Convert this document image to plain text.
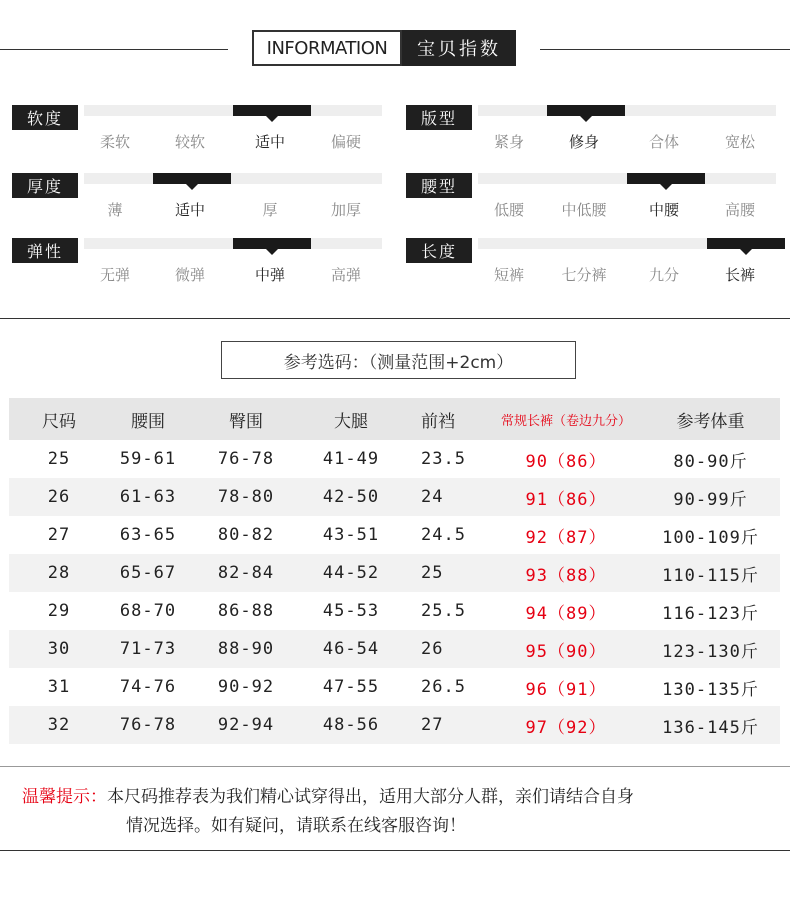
INFORMATION	宝贝指数
软度
柔软	较软	适中	偏硬
版型
紧身	修身	合体	宽松
厚度
薄	适中	厚	加厚
腰型
低腰	中低腰	中腰	高腰
弹性
无弹	微弹	中弹	高弹
长度
短裤	七分裤	九分	长裤
参考选码：（测量范围+2cm）
尺码	腰围	臀围	大腿	前裆	常规长裤（卷边九分）	参考体重
25	59-61	76-78	41-49	23.5	90（86）	80-90斤
26	61-63	78-80	42-50	24	91（86）	90-99斤
27	63-65	80-82	43-51	24.5	92（87）	100-109斤
28	65-67	82-84	44-52	25	93（88）	110-115斤
29	68-70	86-88	45-53	25.5	94（89）	116-123斤
30	71-73	88-90	46-54	26	95（90）	123-130斤
31	74-76	90-92	47-55	26.5	96（91）	130-135斤
32	76-78	92-94	48-56	27	97（92）	136-145斤
温馨提示：本尺码推荐表为我们精心试穿得出，适用大部分人群，亲们请结合自身
情况选择。如有疑问，请联系在线客服咨询！
